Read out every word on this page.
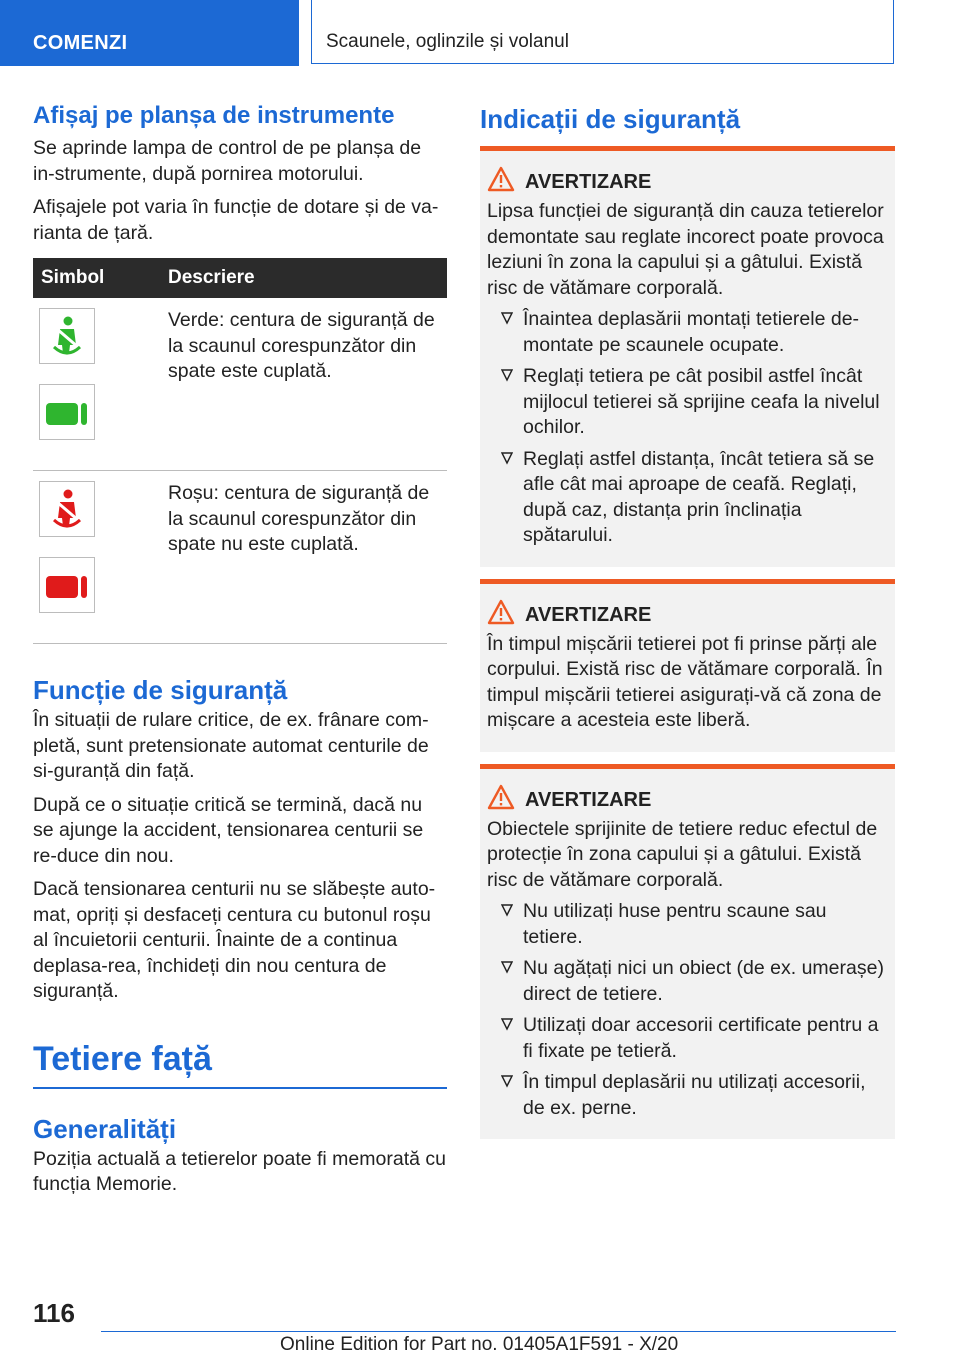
COMENZI	Scaunele, oglinzile și volanul
Afișaj pe planșa de instrumente

Se aprinde lampa de control de pe planșa de in-strumente, după pornirea motorului.

Afișajele pot varia în funcție de dotare și de va-rianta de țară.

Simbol	Descriere

Verde: centura de siguranță de la scaunul corespunzător din spate este cuplată.

Roșu: centura de siguranță de la scaunul corespunzător din spate nu este cuplată.

Funcție de siguranță

În situații de rulare critice, de ex. frânare com-pletă, sunt pretensionate automat centurile de si-guranță din față.

După ce o situație critică se termină, dacă nu se ajunge la accident, tensionarea centurii se re-duce din nou.

Dacă tensionarea centurii nu se slăbește auto-mat, opriți și desfaceți centura cu butonul roșu al încuietorii centurii. Înainte de a continua deplasa-rea, închideți din nou centura de siguranță.

Tetiere față
Generalități

Poziția actuală a tetierelor poate fi memorată cu funcția Memorie.

Indicații de siguranță
AVERTIZARE

Lipsa funcției de siguranță din cauza tetierelor demontate sau reglate incorect poate provoca leziuni în zona la capului și a gâtului. Există risc de vătămare corporală.

Înaintea deplasării montați tetierele de-montate pe scaunele ocupate.
Reglați tetiera pe cât posibil astfel încât mijlocul tetierei să sprijine ceafa la nivelul ochilor.
Reglați astfel distanța, încât tetiera să se afle cât mai aproape de ceafă. Reglați, după caz, distanța prin înclinația spătarului.
AVERTIZARE

În timpul mișcării tetierei pot fi prinse părți ale corpului. Există risc de vătămare corporală. În timpul mișcării tetierei asigurați-vă că zona de mișcare a acesteia este liberă.

AVERTIZARE

Obiectele sprijinite de tetiere reduc efectul de protecție în zona capului și a gâtului. Există risc de vătămare corporală.

Nu utilizați huse pentru scaune sau tetiere.
Nu agățați nici un obiect (de ex. umerașe) direct de tetiere.
Utilizați doar accesorii certificate pentru a fi fixate pe tetieră.
În timpul deplasării nu utilizați accesorii, de ex. perne.
116
Online Edition for Part no. 01405A1F591 - X/20
